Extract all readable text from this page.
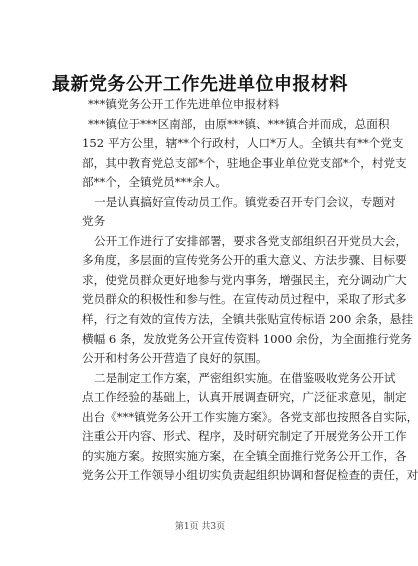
最新党务公开工作先进单位申报材料
***镇党务公开工作先进单位申报材料
***镇位于***区南部，由原***镇、***镇合并而成，总面积
152 平方公里，辖**个行政村，人口*万人。全镇共有**个党支
部，其中教育党总支部*个，驻地企事业单位党支部*个，村党支
部**个，全镇党员***余人。
一是认真搞好宣传动员工作。镇党委召开专门会议，专题对
党务
公开工作进行了安排部署，要求各党支部组织召开党员大会，
多角度，多层面的宣传党务公开的重大意义、方法步骤、目标要
求，使党员群众更好地参与党内事务，增强民主，充分调动广大
党员群众的积极性和参与性。在宣传动员过程中，采取了形式多
样，行之有效的宣传方法，全镇共张贴宣传标语 200 余条，悬挂
横幅 6 条，发放党务公开宣传资料 1000 余份，为全面推行党务
公开和村务公开营造了良好的氛围。
二是制定工作方案，严密组织实施。在借鉴吸收党务公开试
点工作经验的基础上，认真开展调查研究，广泛征求意见，制定
出台《***镇党务公开工作实施方案》。各党支部也按照各自实际，
注重公开内容、形式、程序，及时研究制定了开展党务公开工作
的实施方案。按照实施方案，在全镇全面推行党务公开工作，各
党务公开工作领导小组切实负责起组织协调和督促检查的责任，对
第1页 共3页
